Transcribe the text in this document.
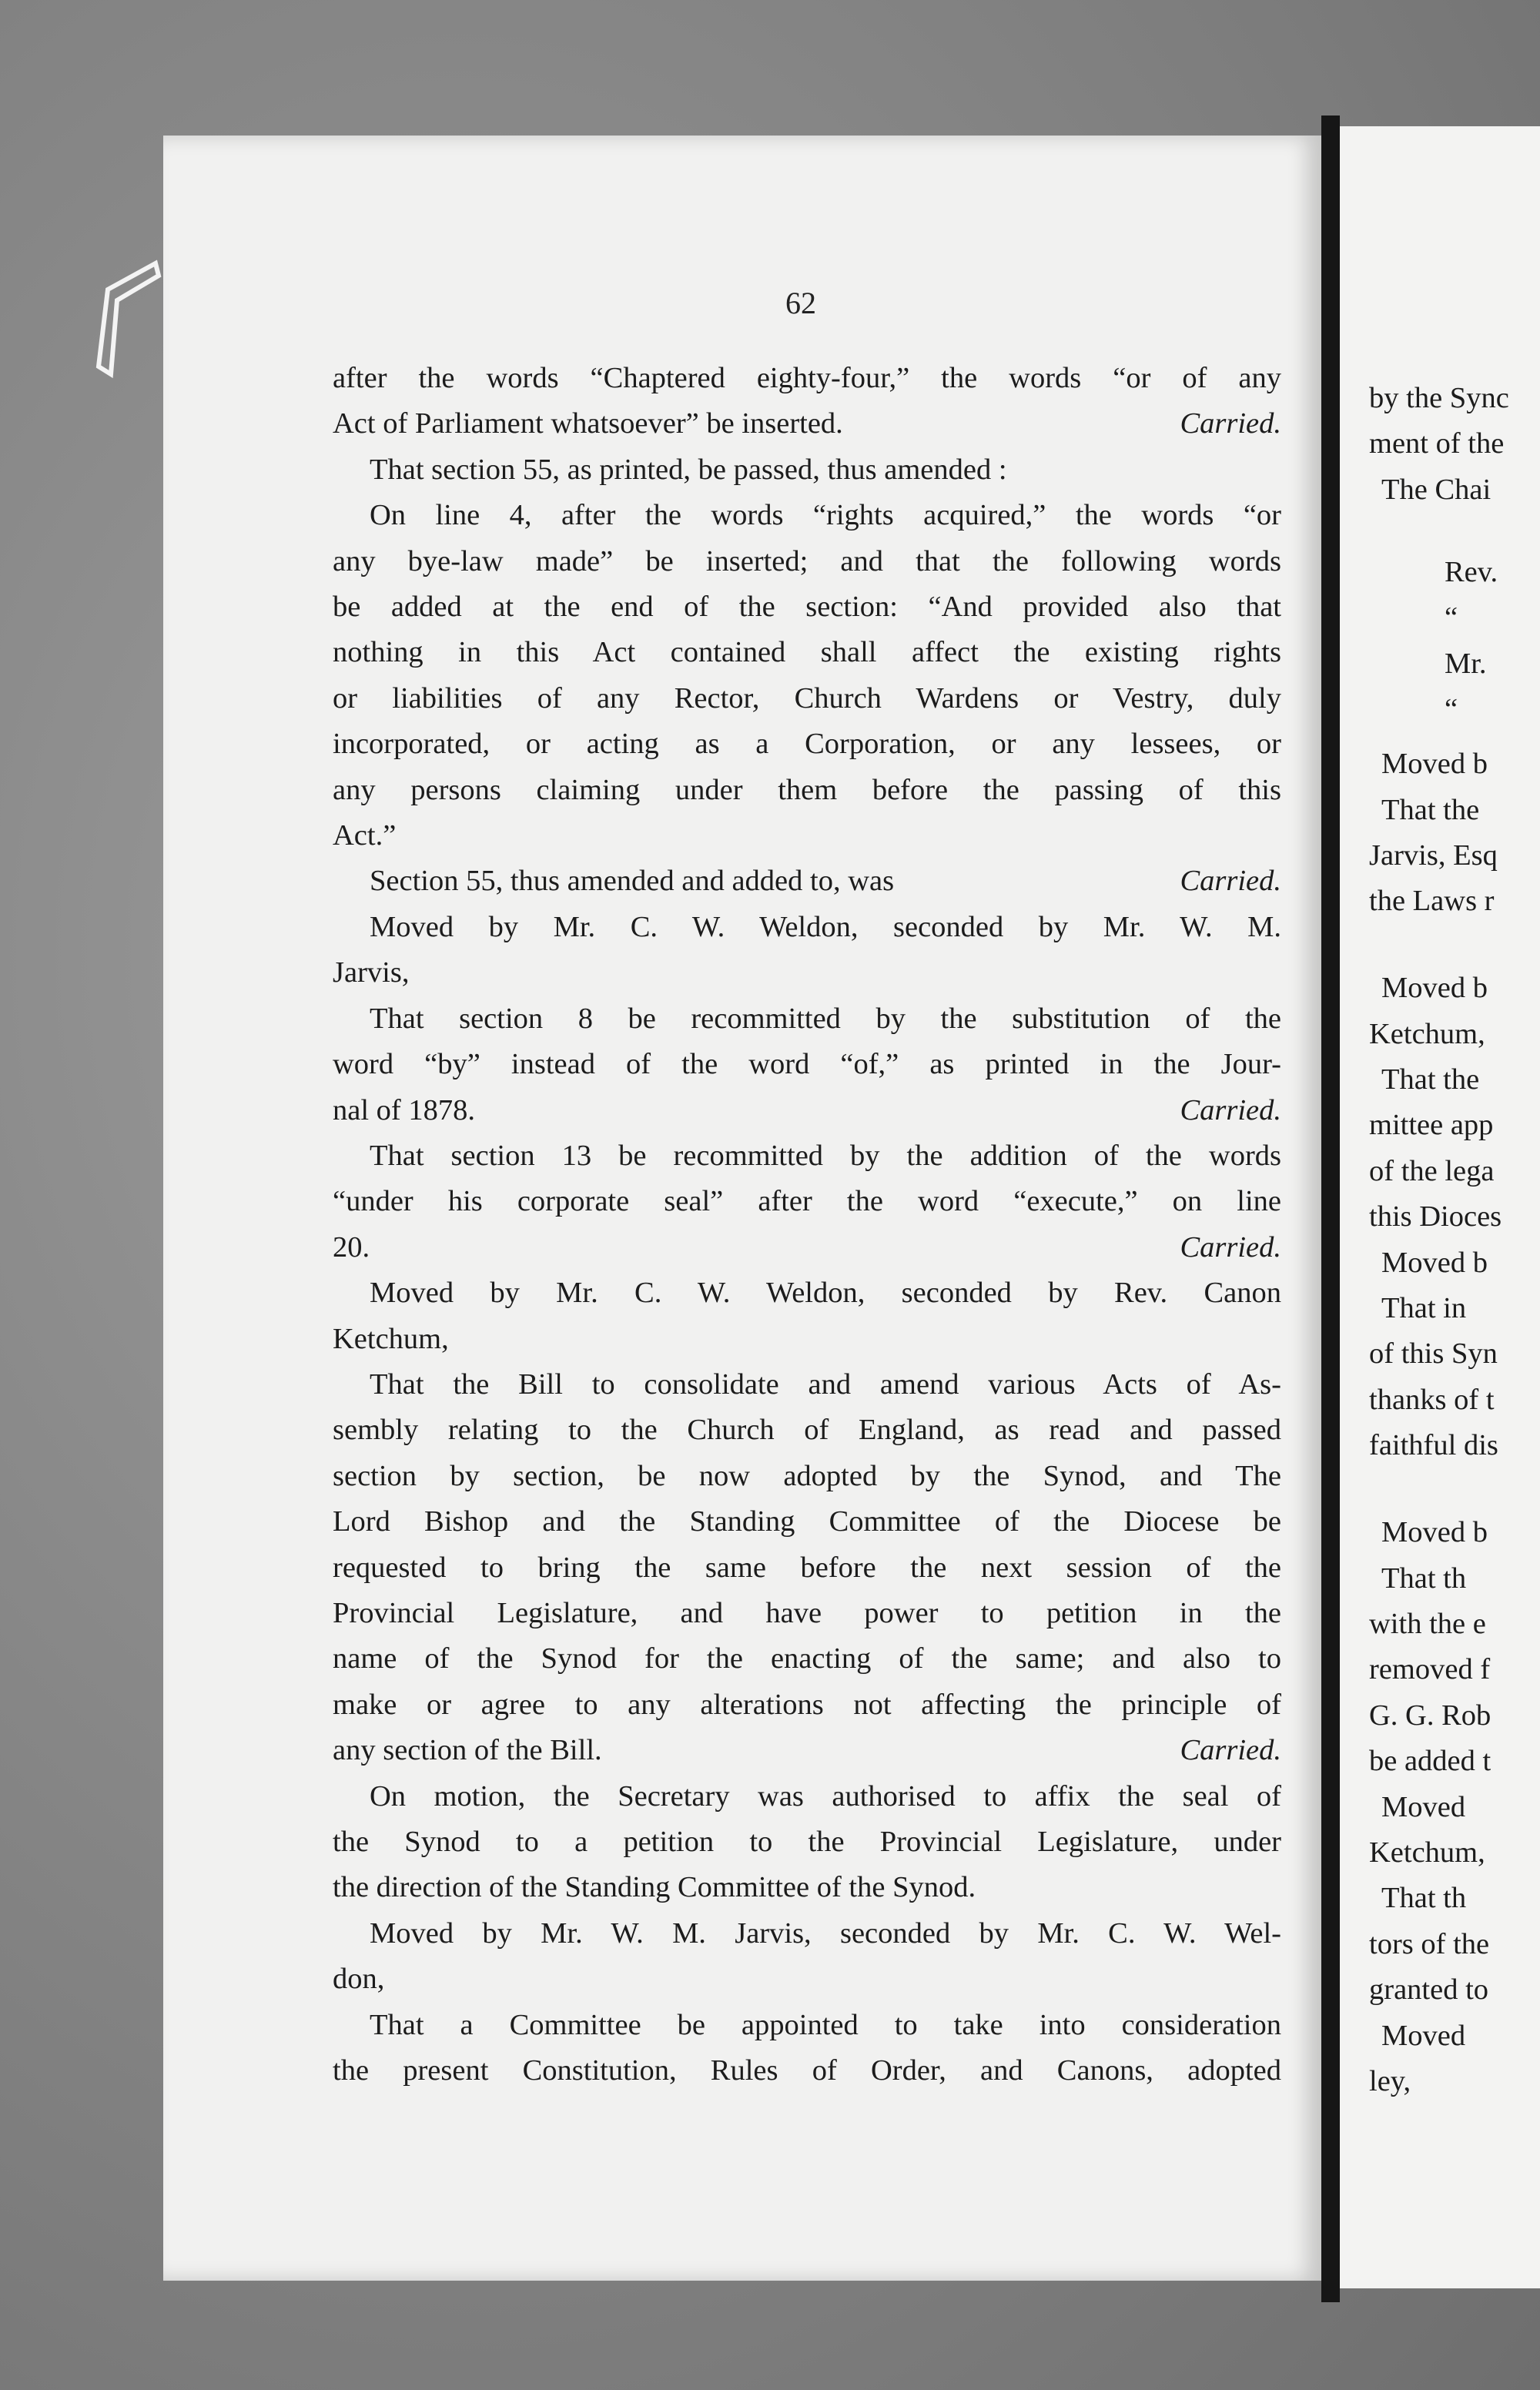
62
after the words “Chaptered eighty-four,” the words “or of any
Act of Parliament whatsoever” be inserted.	Carried.
That section 55, as printed, be passed, thus amended :
On line 4, after the words “rights acquired,” the words “or
any bye-law made” be inserted; and that the following words
be added at the end of the section: “And provided also that
nothing in this Act contained shall affect the existing rights
or liabilities of any Rector, Church Wardens or Vestry, duly
incorporated, or acting as a Corporation, or any lessees, or
any persons claiming under them before the passing of this
Act.”
Section 55, thus amended and added to, was	Carried.
Moved by Mr. C. W. Weldon, seconded by Mr. W. M.
Jarvis,
That section 8 be recommitted by the substitution of the
word “by” instead of the word “of,” as printed in the Jour-
nal of 1878.	Carried.
That section 13 be recommitted by the addition of the words
“under his corporate seal” after the word “execute,” on line
20.	Carried.
Moved by Mr. C. W. Weldon, seconded by Rev. Canon
Ketchum,
That the Bill to consolidate and amend various Acts of As-
sembly relating to the Church of England, as read and passed
section by section, be now adopted by the Synod, and The
Lord Bishop and the Standing Committee of the Diocese be
requested to bring the same before the next session of the
Provincial Legislature, and have power to petition in the
name of the Synod for the enacting of the same; and also to
make or agree to any alterations not affecting the principle of
any section of the Bill.	Carried.
On motion, the Secretary was authorised to affix the seal of
the Synod to a petition to the Provincial Legislature, under
the direction of the Standing Committee of the Synod.
Moved by Mr. W. M. Jarvis, seconded by Mr. C. W. Wel-
don,
That a Committee be appointed to take into consideration
the present Constitution, Rules of Order, and Canons, adopted
by the Sync
ment of the
The Chai
Rev.
“
Mr.
“
Moved b
That the
Jarvis, Esq
the Laws r
Moved b
Ketchum,
That the
mittee app
of the lega
this Dioces
Moved b
That in
of this Syn
thanks of t
faithful dis
Moved b
That th
with the e
removed f
G. G. Rob
be added t
Moved
Ketchum,
That th
tors of the
granted to
Moved
ley,
